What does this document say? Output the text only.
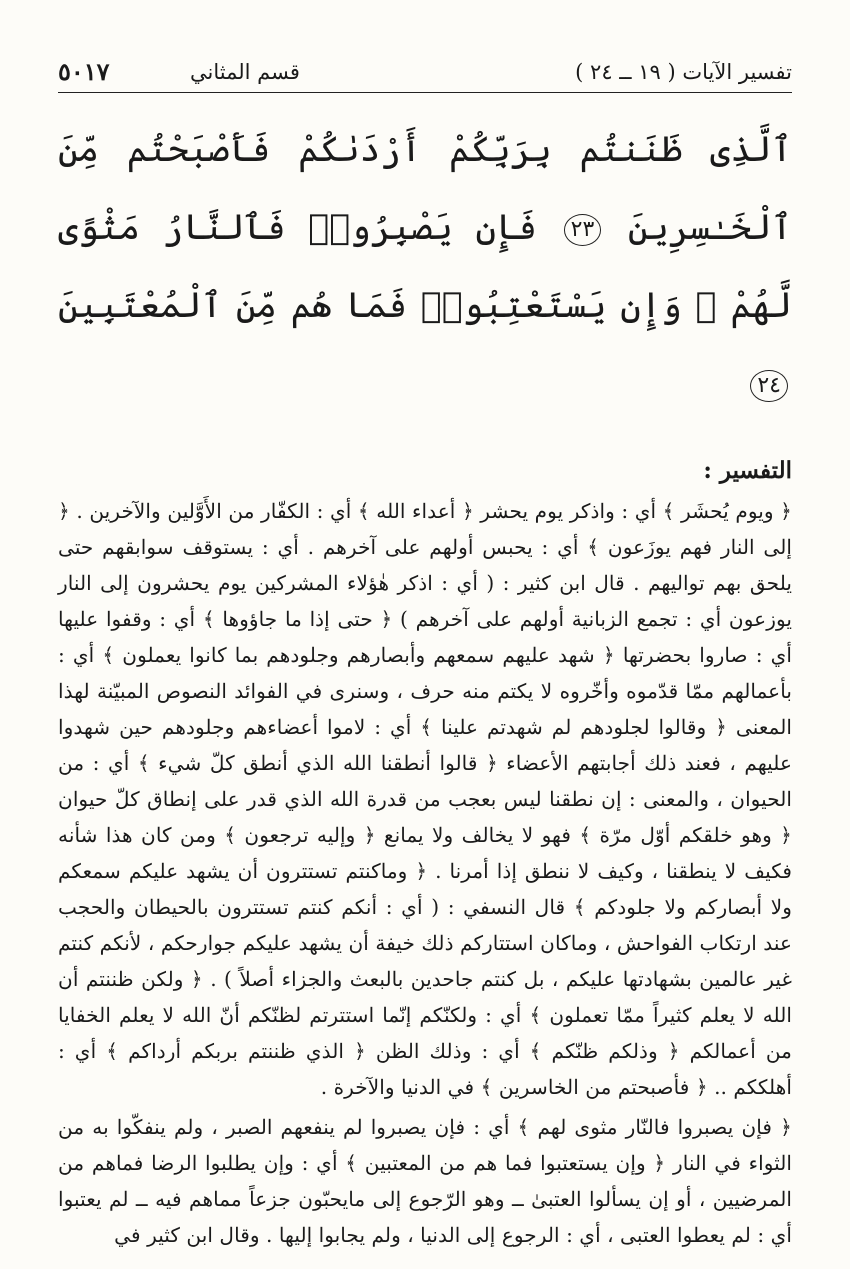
تفسير الآيات ( ١٩ ــ ٢٤ )
قسم المثاني
٥٠١٧
ٱلَّذِى ظَنَنتُم بِرَبِّكُمْ أَرْدَىٰكُمْ فَأَصْبَحْتُم مِّنَ ٱلْخَـٰسِرِينَ ٢٣ فَإِن يَصْبِرُوا۟ فَٱلنَّارُ مَثْوًى لَّهُمْ ۖ وَإِن يَسْتَعْتِبُوا۟ فَمَا هُم مِّنَ ٱلْمُعْتَبِينَ ٢٤
التفسير :
﴿ ويوم يُحشَر ﴾ أي : واذكر يوم يحشر ﴿ أعداء الله ﴾ أي : الكفّار من الأَوَّلين والآخرين . ﴿ إلى النار فهم يوزَعون ﴾ أي : يحبس أولهم على آخرهم . أي : يستوقف سوابقهم حتى يلحق بهم تواليهم . قال ابن كثير : ( أي : اذكر هٰؤلاء المشركين يوم يحشرون إلى النار يوزعون أي : تجمع الزبانية أولهم على آخرهم ) ﴿ حتى إذا ما جاؤوها ﴾ أي : وقفوا عليها أي : صاروا بحضرتها ﴿ شهد عليهم سمعهم وأبصارهم وجلودهم بما كانوا يعملون ﴾ أي : بأعمالهم ممّا قدّموه وأخّروه لا يكتم منه حرف ، وسنرى في الفوائد النصوص المبيّنة لهذا المعنى ﴿ وقالوا لجلودهم لم شهدتم علينا ﴾ أي : لاموا أعضاءهم وجلودهم حين شهدوا عليهم ، فعند ذلك أجابتهم الأعضاء ﴿ قالوا أنطقنا الله الذي أنطق كلّ شيء ﴾ أي : من الحيوان ، والمعنى : إن نطقنا ليس بعجب من قدرة الله الذي قدر على إنطاق كلّ حيوان ﴿ وهو خلقكم أوّل مرّة ﴾ فهو لا يخالف ولا يمانع ﴿ وإليه ترجعون ﴾ ومن كان هذا شأنه فكيف لا ينطقنا ، وكيف لا ننطق إذا أمرنا . ﴿ وماكنتم تستترون أن يشهد عليكم سمعكم ولا أبصاركم ولا جلودكم ﴾ قال النسفي : ( أي : أنكم كنتم تستترون بالحيطان والحجب عند ارتكاب الفواحش ، وماكان استتاركم ذلك خيفة أن يشهد عليكم جوارحكم ، لأنكم كنتم غير عالمين بشهادتها عليكم ، بل كنتم جاحدين بالبعث والجزاء أصلاً ) . ﴿ ولكن ظننتم أن الله لا يعلم كثيراً ممّا تعملون ﴾ أي : ولكنّكم إنّما استترتم لظنّكم أنّ الله لا يعلم الخفايا من أعمالكم ﴿ وذلكم ظنّكم ﴾ أي : وذلك الظن ﴿ الذي ظننتم بربكم أرداكم ﴾ أي : أهلككم .. ﴿ فأصبحتم من الخاسرين ﴾ في الدنيا والآخرة .
﴿ فإن يصبروا فالنّار مثوى لهم ﴾ أي : فإن يصبروا لم ينفعهم الصبر ، ولم ينفكّوا به من الثواء في النار ﴿ وإن يستعتبوا فما هم من المعتبين ﴾ أي : وإن يطلبوا الرضا فماهم من المرضيين ، أو إن يسألوا العتبىٰ ــ وهو الرّجوع إلى مايحبّون جزعاً مماهم فيه ــ لم يعتبوا أي : لم يعطوا العتبى ، أي : الرجوع إلى الدنيا ، ولم يجابوا إليها . وقال ابن كثير في
